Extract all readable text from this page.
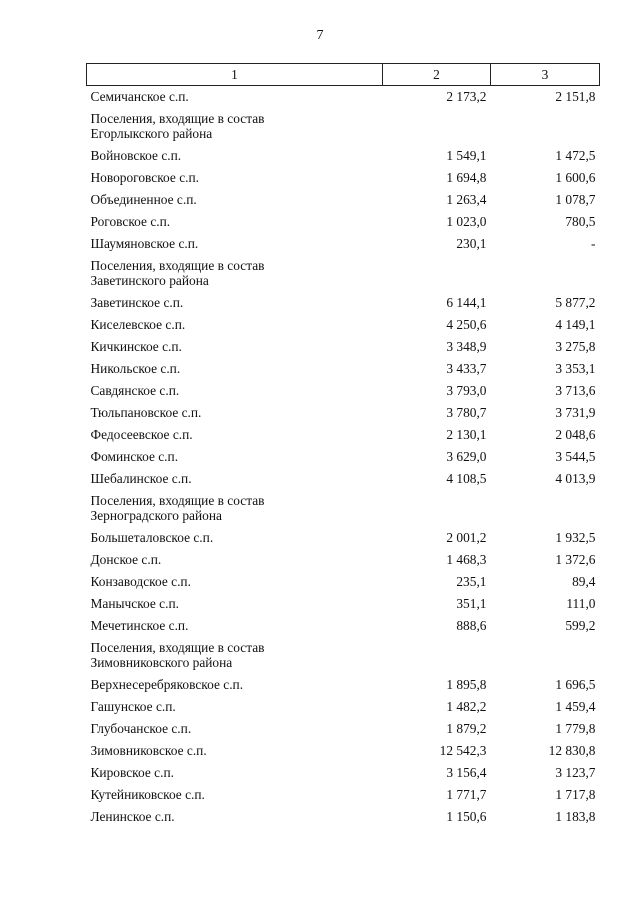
7
1	2	3
Семичанское с.п.	2 173,2	2 151,8

Поселения, входящие в состав
Егорлыкского района		

Войновское с.п.	1 549,1	1 472,5
Новороговское с.п.	1 694,8	1 600,6
Объединенное с.п.	1 263,4	1 078,7
Роговское с.п.	1 023,0	780,5
Шаумяновское с.п.	230,1	-

Поселения, входящие в состав
Заветинского района		

Заветинское с.п.	6 144,1	5 877,2
Киселевское с.п.	4 250,6	4 149,1
Кичкинское с.п.	3 348,9	3 275,8
Никольское с.п.	3 433,7	3 353,1
Савдянское с.п.	3 793,0	3 713,6
Тюльпановское с.п.	3 780,7	3 731,9
Федосеевское с.п.	2 130,1	2 048,6
Фоминское с.п.	3 629,0	3 544,5
Шебалинское с.п.	4 108,5	4 013,9

Поселения, входящие в состав
Зерноградского района		

Большеталовское с.п.	2 001,2	1 932,5
Донское с.п.	1 468,3	1 372,6
Конзаводское с.п.	235,1	89,4
Манычское с.п.	351,1	111,0
Мечетинское с.п.	888,6	599,2

Поселения, входящие в состав
Зимовниковского района		

Верхнесеребряковское с.п.	1 895,8	1 696,5
Гашунское с.п.	1 482,2	1 459,4
Глубочанское с.п.	1 879,2	1 779,8
Зимовниковское с.п.	12 542,3	12 830,8
Кировское с.п.	3 156,4	3 123,7
Кутейниковское с.п.	1 771,7	1 717,8
Ленинское с.п.	1 150,6	1 183,8
